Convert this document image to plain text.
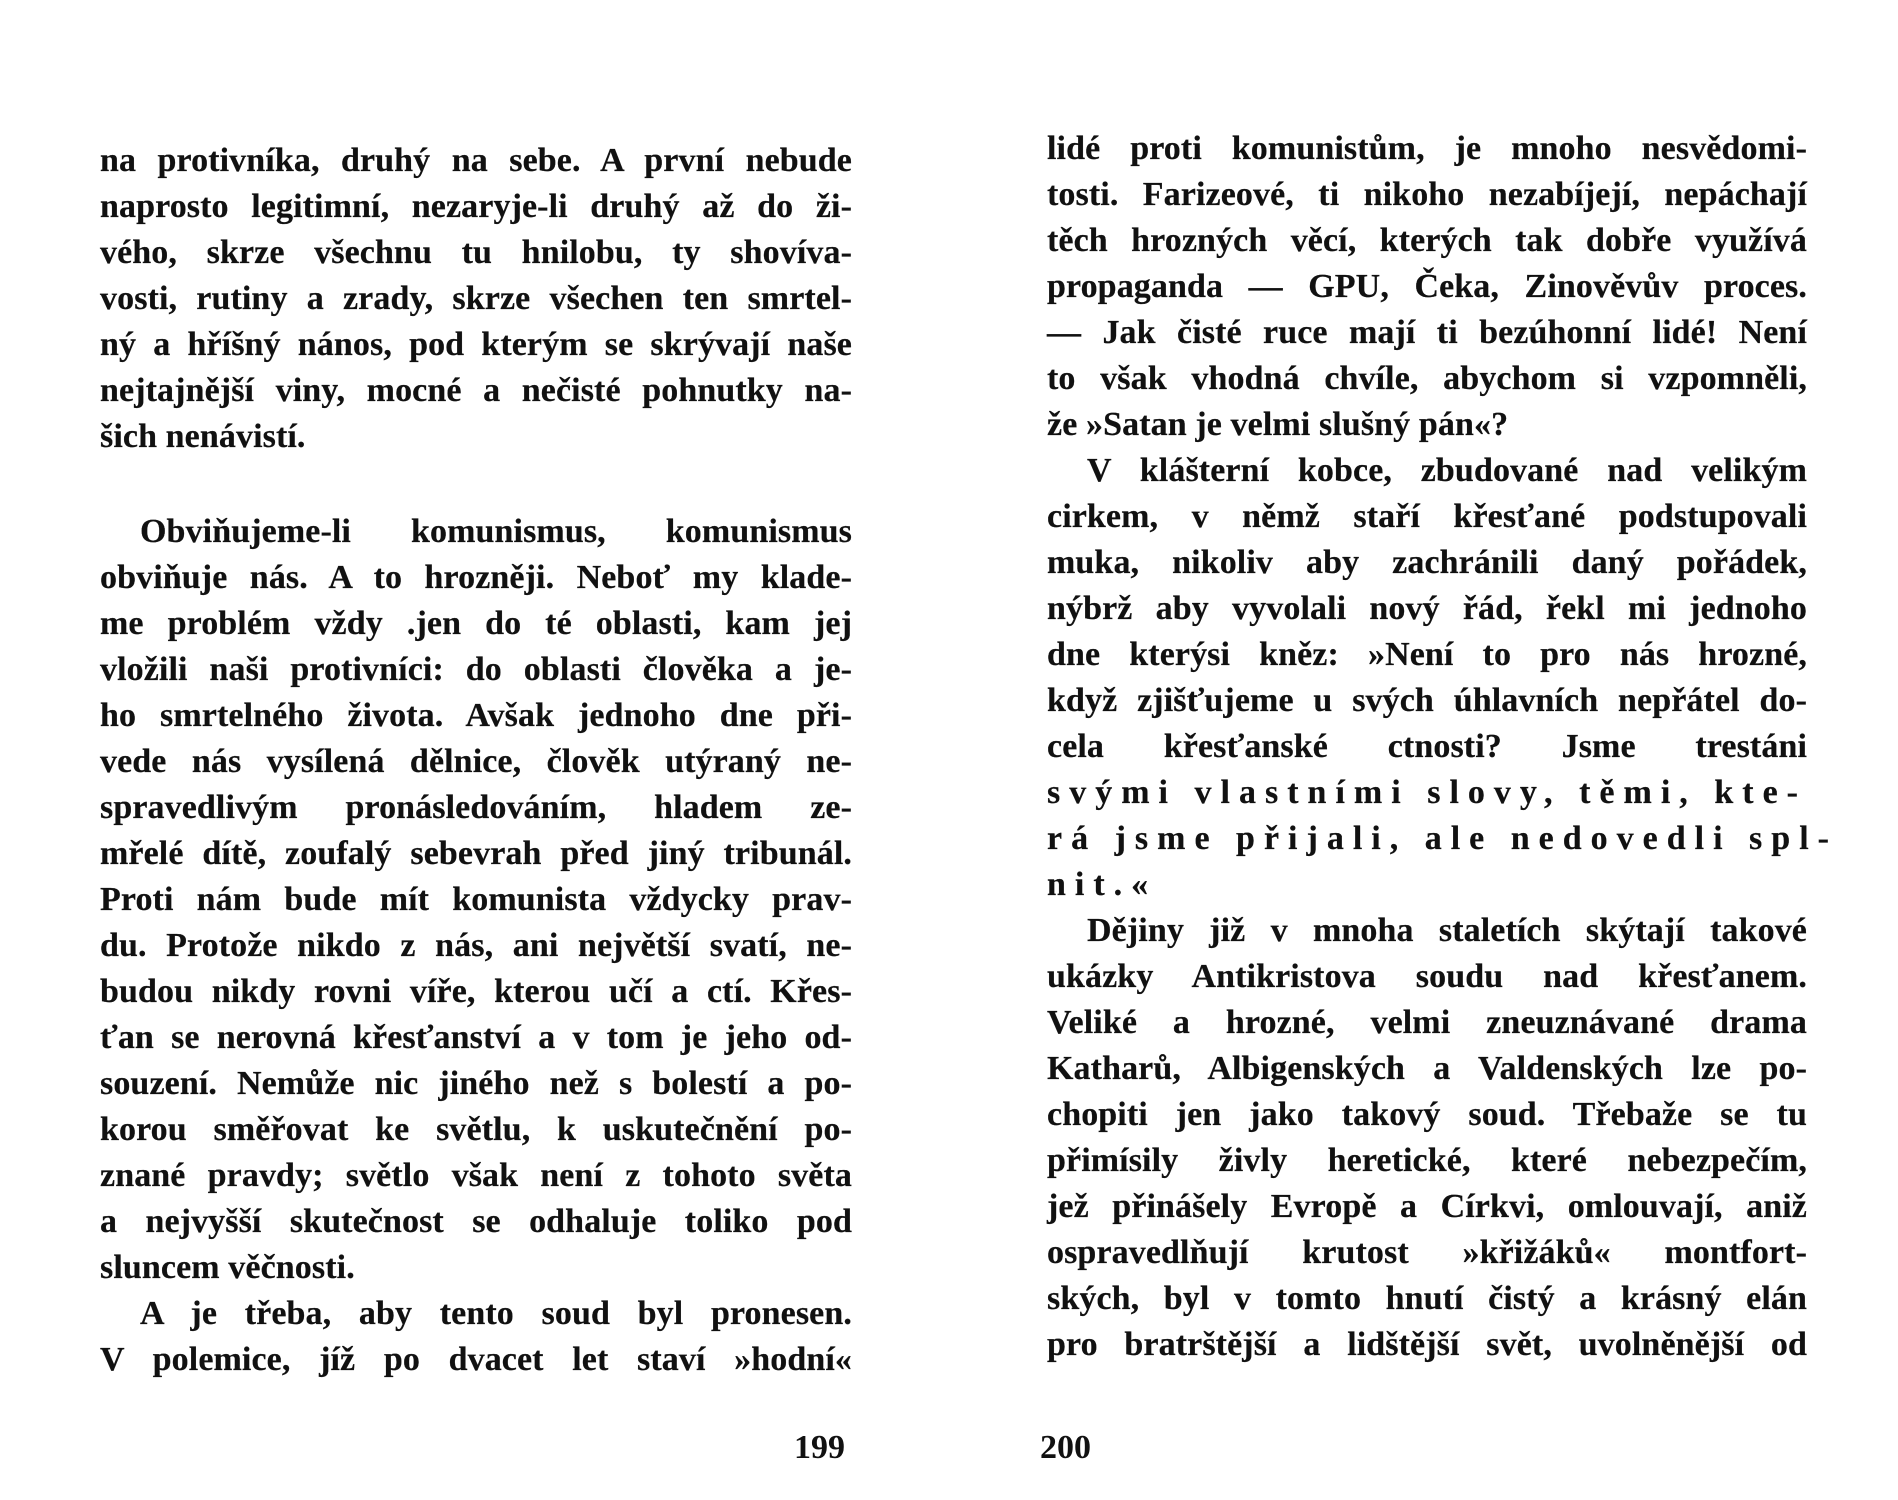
na protivníka, druhý na sebe. A první nebude
naprosto legitimní, nezaryje-li druhý až do ži-
vého, skrze všechnu tu hnilobu, ty shovíva-
vosti, rutiny a zrady, skrze všechen ten smrtel-
ný a hříšný nános, pod kterým se skrývají naše
nejtajnější viny, mocné a nečisté pohnutky na-
šich nenávistí.
Obviňujeme-li komunismus, komunismus
obviňuje nás. A to hrozněji. Neboť my klade-
me problém vždy .jen do té oblasti, kam jej
vložili naši protivníci: do oblasti člověka a je-
ho smrtelného života. Avšak jednoho dne při-
vede nás vysílená dělnice, člověk utýraný ne-
spravedlivým pronásledováním, hladem ze-
mřelé dítě, zoufalý sebevrah před jiný tribunál.
Proti nám bude mít komunista vždycky prav-
du. Protože nikdo z nás, ani největší svatí, ne-
budou nikdy rovni víře, kterou učí a ctí. Křes-
ťan se nerovná křesťanství a v tom je jeho od-
souzení. Nemůže nic jiného než s bolestí a po-
korou směřovat ke světlu, k uskutečnění po-
znané pravdy; světlo však není z tohoto světa
a nejvyšší skutečnost se odhaluje toliko pod
sluncem věčnosti.
A je třeba, aby tento soud byl pronesen.
V polemice, jíž po dvacet let staví »hodní«
lidé proti komunistům, je mnoho nesvědomi-
tosti. Farizeové, ti nikoho nezabíjejí, nepáchají
těch hrozných věcí, kterých tak dobře využívá
propaganda — GPU, Čeka, Zinověvův proces.
— Jak čisté ruce mají ti bezúhonní lidé! Není
to však vhodná chvíle, abychom si vzpomněli,
že »Satan je velmi slušný pán«?
V klášterní kobce, zbudované nad velikým
cirkem, v němž staří křesťané podstupovali
muka, nikoliv aby zachránili daný pořádek,
nýbrž aby vyvolali nový řád, řekl mi jednoho
dne kterýsi kněz: »Není to pro nás hrozné,
když zjišťujeme u svých úhlavních nepřátel do-
cela křesťanské ctnosti? Jsme trestáni
svými vlastními slovy, těmi, kte-
rá jsme přijali, ale nedovedli spl-
nit.«
Dějiny již v mnoha staletích skýtají takové
ukázky Antikristova soudu nad křesťanem.
Veliké a hrozné, velmi zneuznávané drama
Katharů, Albigenských a Valdenských lze po-
chopiti jen jako takový soud. Třebaže se tu
přimísily živly heretické, které nebezpečím,
jež přinášely Evropě a Církvi, omlouvají, aniž
ospravedlňují krutost »křižáků« montfort-
ských, byl v tomto hnutí čistý a krásný elán
pro bratrštější a lidštější svět, uvolněnější od
199	200
